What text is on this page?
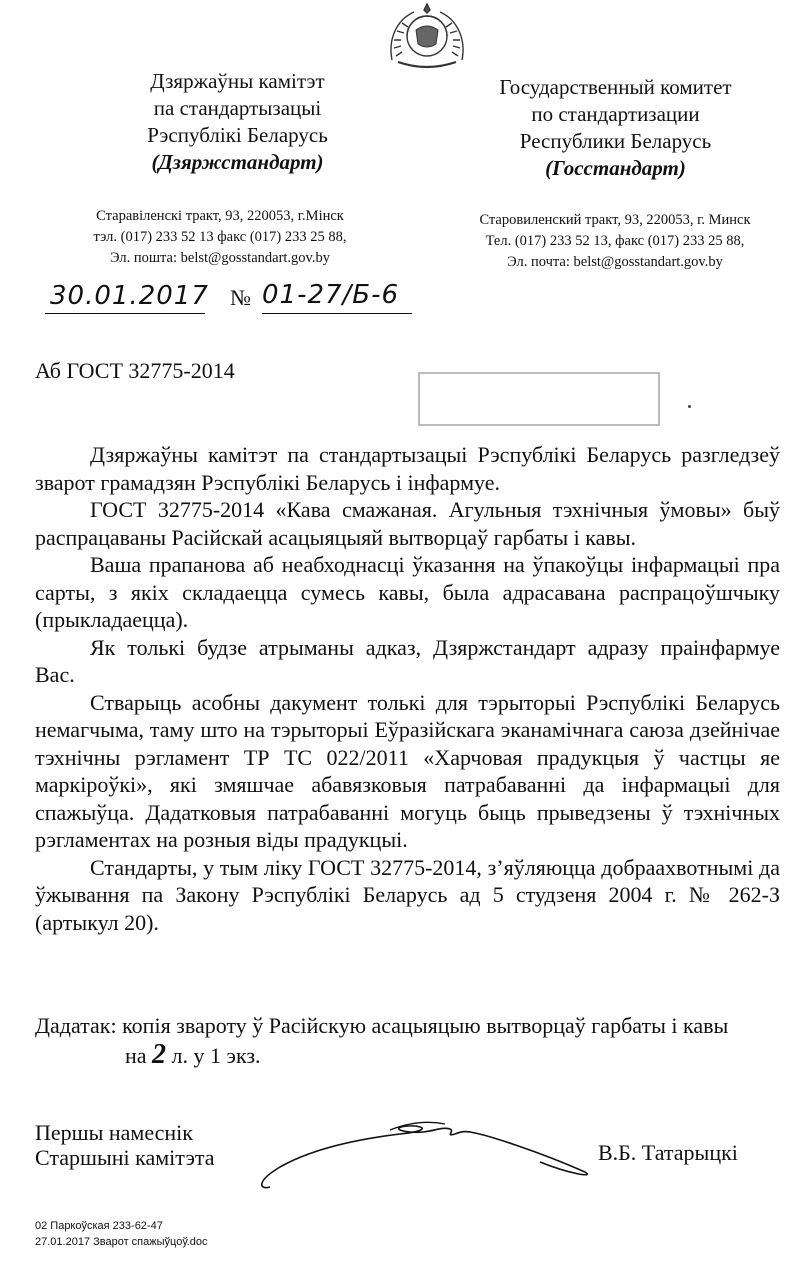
Дзяржаўны камітэт
па стандартызацыі
Рэспублікі Беларусь
(Дзяржстандарт)
Государственный комитет
по стандартизации
Республики Беларусь
(Госстандарт)
Старавіленскі тракт, 93, 220053, г.Мінск
тэл. (017) 233 52 13 факс (017) 233 25 88,
Эл. пошта: belst@gosstandart.gov.by
Старовиленский тракт, 93, 220053, г. Минск
Тел. (017) 233 52 13, факс (017) 233 25 88,
Эл. почта: belst@gosstandart.gov.by
30.01.2017 № 01-27/Б-6
Аб ГОСТ 32775-2014

Дзяржаўны камітэт па стандартызацыі Рэспублікі Беларусь разгледзеў зварот грамадзян Рэспублікі Беларусь і інфармуе.

ГОСТ 32775-2014 «Кава смажаная. Агульныя тэхнічныя ўмовы» быў распрацаваны Расійскай асацыяцыяй вытворцаў гарбаты і кавы.

Ваша прапанова аб неабходнасці ўказання на ўпакоўцы інфармацыі пра сарты, з якіх складаецца сумесь кавы, была адрасавана распрацоўшчыку (прыкладаецца).

Як толькі будзе атрыманы адказ, Дзяржстандарт адразу праінфармуе Вас.

Стварыць асобны дакумент толькі для тэрыторыі Рэспублікі Беларусь немагчыма, таму што на тэрыторыі Еўразійскага эканамічнага саюза дзейнічае тэхнічны рэгламент ТР ТС 022/2011 «Харчовая прадукцыя ў частцы яе маркіроўкі», які змяшчае абавязковыя патрабаванні да інфармацыі для спажыўца. Дадатковыя патрабаванні могуць быць прыведзены ў тэхнічных рэгламентах на розныя віды прадукцыі.

Стандарты, у тым ліку ГОСТ 32775-2014, з’яўляюцца добраахвотнымі да ўжывання па Закону Рэспублікі Беларусь ад 5 студзеня 2004 г. № 262-З (артыкул 20).

Дадатак: копія звароту ў Расійскую асацыяцыю вытворцаў гарбаты і кавы
на 2 л. у 1 экз.
Першы намеснік
Старшыні камітэта	В.Б. Татарыцкі
02 Паркоўская 233-62-47
27.01.2017 Зварот спажыўцоў.doc
